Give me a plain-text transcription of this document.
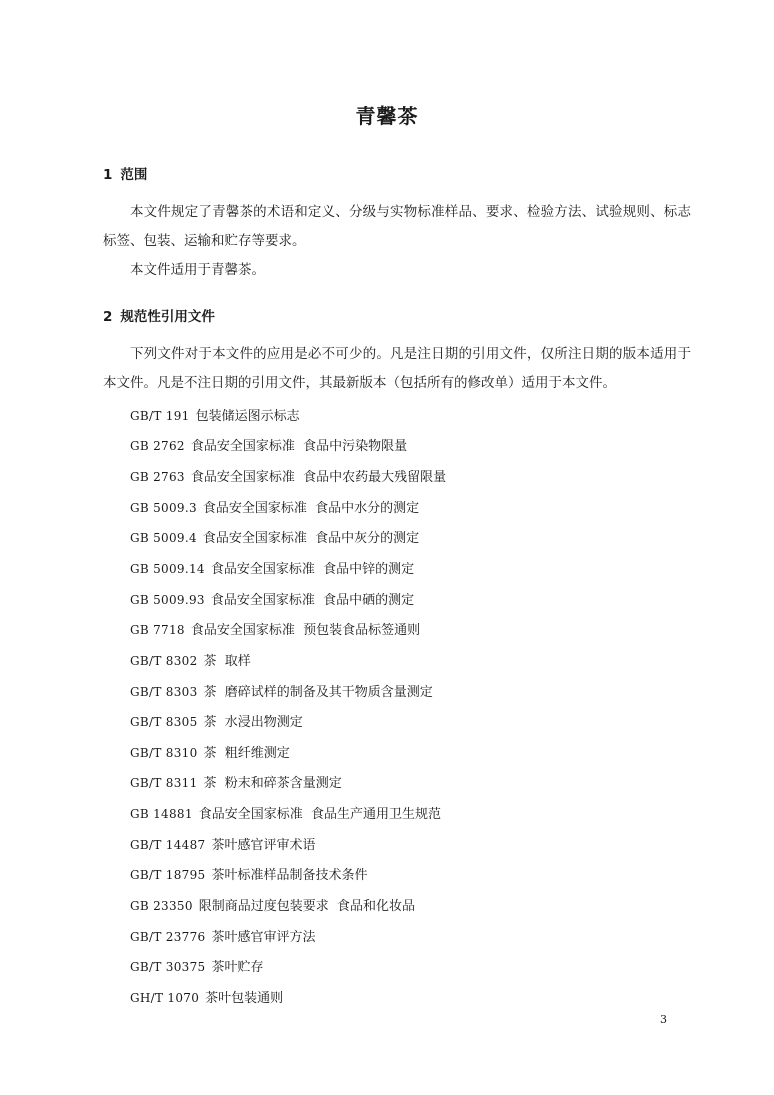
青馨茶
1 范围
本文件规定了青馨茶的术语和定义、分级与实物标准样品、要求、检验方法、试验规则、标志标签、包装、运输和贮存等要求。
本文件适用于青馨茶。
2 规范性引用文件
下列文件对于本文件的应用是必不可少的。凡是注日期的引用文件，仅所注日期的版本适用于本文件。凡是不注日期的引用文件，其最新版本（包括所有的修改单）适用于本文件。
GB/T 191 包装储运图示标志
GB 2762 食品安全国家标准  食品中污染物限量
GB 2763 食品安全国家标准  食品中农药最大残留限量
GB 5009.3 食品安全国家标准  食品中水分的测定
GB 5009.4 食品安全国家标准  食品中灰分的测定
GB 5009.14 食品安全国家标准  食品中锌的测定
GB 5009.93 食品安全国家标准  食品中硒的测定
GB 7718 食品安全国家标准  预包装食品标签通则
GB/T 8302 茶  取样
GB/T 8303 茶  磨碎试样的制备及其干物质含量测定
GB/T 8305 茶  水浸出物测定
GB/T 8310 茶  粗纤维测定
GB/T 8311 茶  粉末和碎茶含量测定
GB 14881 食品安全国家标准  食品生产通用卫生规范
GB/T 14487 茶叶感官评审术语
GB/T 18795 茶叶标准样品制备技术条件
GB 23350 限制商品过度包装要求  食品和化妆品
GB/T 23776 茶叶感官审评方法
GB/T 30375 茶叶贮存
GH/T 1070 茶叶包装通则
3
